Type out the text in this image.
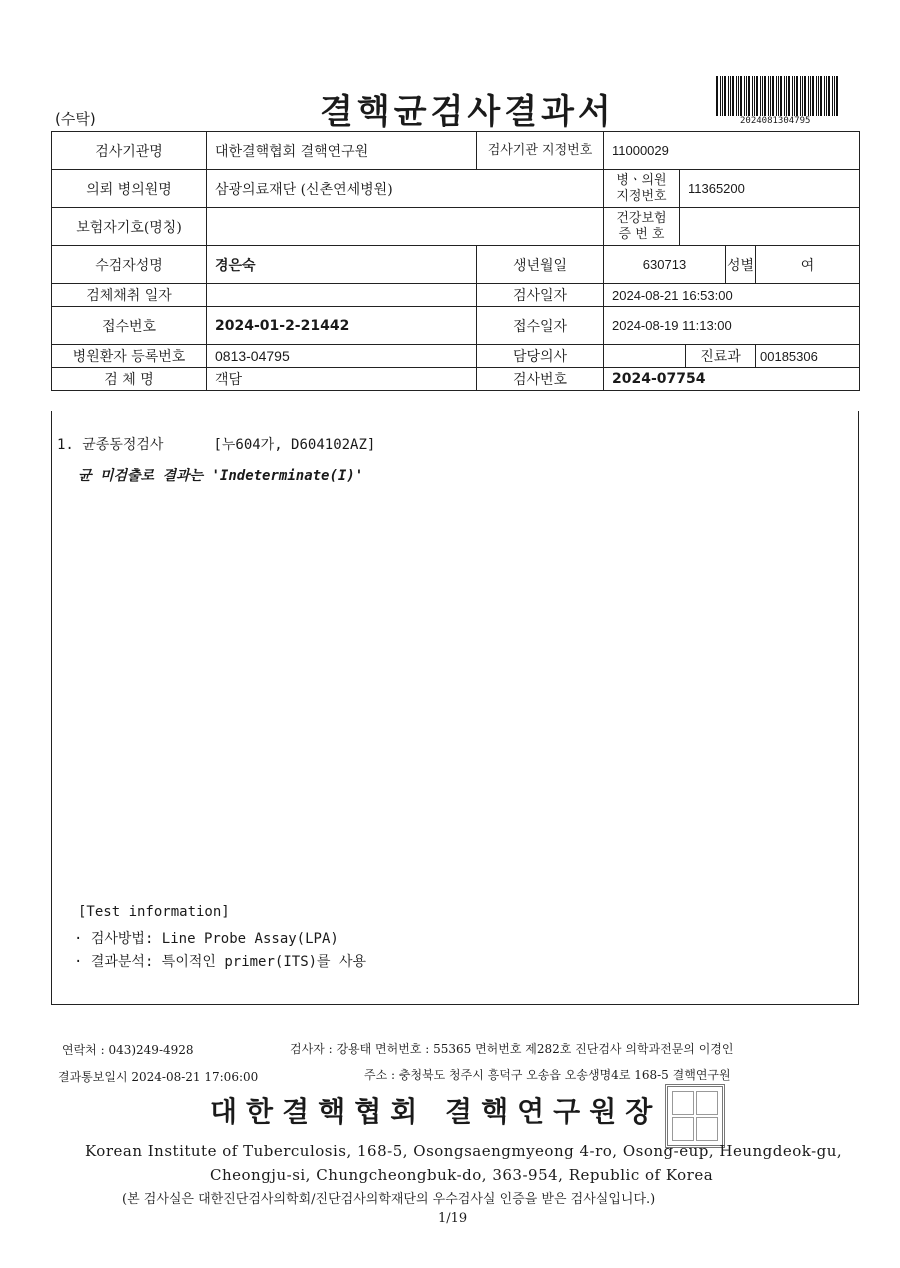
(수탁)	결핵균검사결과서	2024081304795
검사기관명	대한결핵협회 결핵연구원	검사기관 지정번호	11000029				
의뢰 병의원명	삼광의료재단 (신촌연세병원)		병ㆍ의원 지정번호	11365200			
보험자기호(명칭)			건강보험 증 번 호				
수검자성명	경은숙	생년월일	630713			성별	여
검체채취 일자		검사일자	2024-08-21 16:53:00				
접수번호	2024-01-2-21442	접수일자	2024-08-19 11:13:00				
병원환자 등록번호	0813-04795	담당의사			진료과		00185306
검 체 명	객담	검사번호	2024-07754				
1. 균종동정검사	[누604가, D604102AZ]
균 미검출로 결과는 'Indeterminate(I)'
[Test information]
· 검사방법: Line Probe Assay(LPA)
· 결과분석: 특이적인 primer(ITS)를 사용
연락처 : 043)249-4928	검사자 : 강용태 면허번호 : 55365 면허번호 제282호 진단검사 의학과전문의 이경인
결과통보일시 2024-08-21 17:06:00	주소 : 충청북도 청주시 흥덕구 오송읍 오송생명4로 168-5 결핵연구원
대한결핵협회 결핵연구원장
Korean Institute of Tuberculosis, 168-5, Osongsaengmyeong 4-ro, Osong-eup, Heungdeok-gu,
Cheongju-si, Chungcheongbuk-do, 363-954, Republic of Korea
(본 검사실은 대한진단검사의학회/진단검사의학재단의 우수검사실 인증을 받은 검사실입니다.)
1/19
